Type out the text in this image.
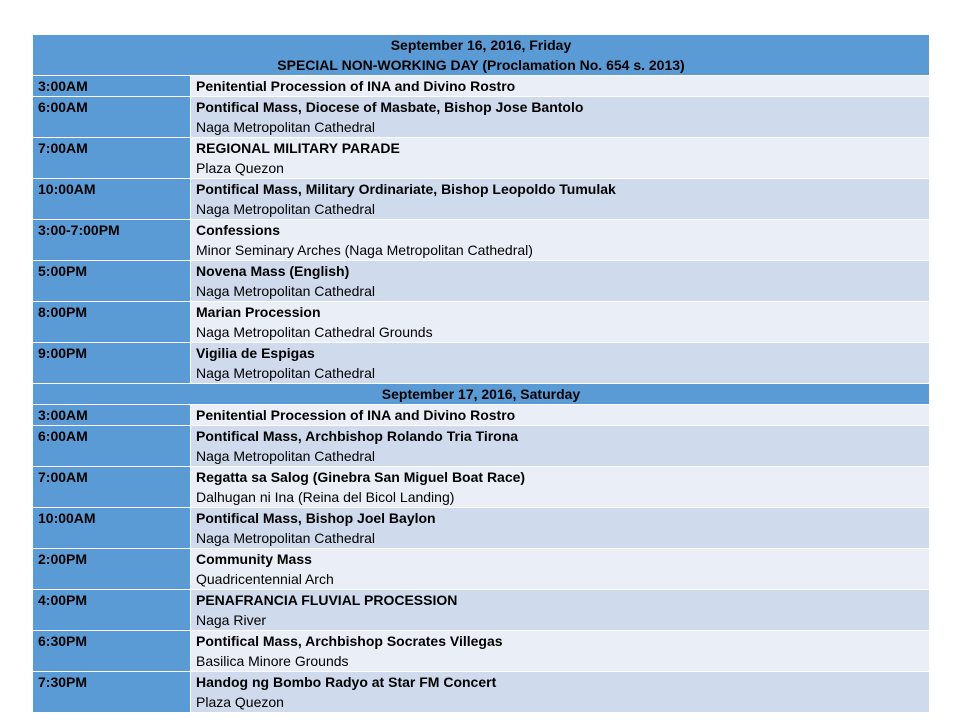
September 16, 2016, Friday
SPECIAL NON-WORKING DAY (Proclamation No. 654 s. 2013)	

3:00AM	Penitential Procession of INA and Divino Rostro

6:00AM	Pontifical Mass, Diocese of Masbate, Bishop Jose Bantolo
Naga Metropolitan Cathedral

7:00AM	REGIONAL MILITARY PARADE
Plaza Quezon

10:00AM	Pontifical Mass, Military Ordinariate, Bishop Leopoldo Tumulak
Naga Metropolitan Cathedral

3:00-7:00PM	Confessions
Minor Seminary Arches (Naga Metropolitan Cathedral)

5:00PM	Novena Mass (English)
Naga Metropolitan Cathedral

8:00PM	Marian Procession
Naga Metropolitan Cathedral Grounds

9:00PM	Vigilia de Espigas
Naga Metropolitan Cathedral

September 17, 2016, Saturday	

3:00AM	Penitential Procession of INA and Divino Rostro

6:00AM	Pontifical Mass, Archbishop Rolando Tria Tirona
Naga Metropolitan Cathedral

7:00AM	Regatta sa Salog (Ginebra San Miguel Boat Race)
Dalhugan ni Ina (Reina del Bicol Landing)

10:00AM	Pontifical Mass, Bishop Joel Baylon
Naga Metropolitan Cathedral

2:00PM	Community Mass
Quadricentennial Arch

4:00PM	PENAFRANCIA FLUVIAL PROCESSION
Naga River

6:30PM	Pontifical Mass, Archbishop Socrates Villegas
Basilica Minore Grounds

7:30PM	Handog ng Bombo Radyo at Star FM Concert
Plaza Quezon
